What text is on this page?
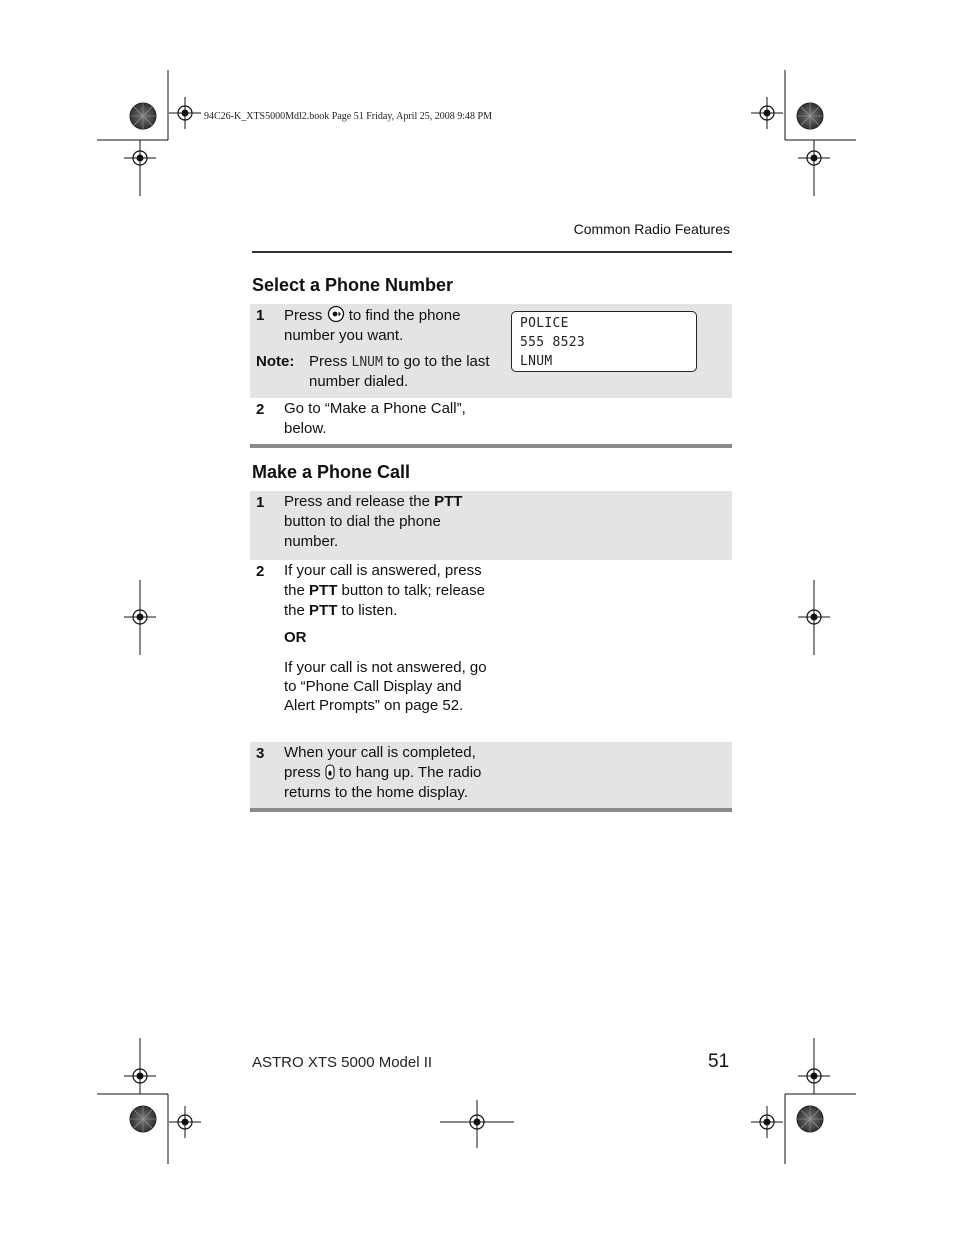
94C26-K_XTS5000Mdl2.book Page 51 Friday, April 25, 2008 9:48 PM
Common Radio Features
Select a Phone Number
1 Press to find the phone number you want.
Note: Press LNUM to go to the last number dialed.
POLICE
555 8523
LNUM
2 Go to “Make a Phone Call”, below.
Make a Phone Call
1 Press and release the PTT button to dial the phone number.
2 If your call is answered, press the PTT button to talk; release the PTT to listen.
OR
If your call is not answered, go to “Phone Call Display and Alert Prompts” on page 52.
3 When your call is completed, press to hang up. The radio returns to the home display.
ASTRO XTS 5000 Model II	51
